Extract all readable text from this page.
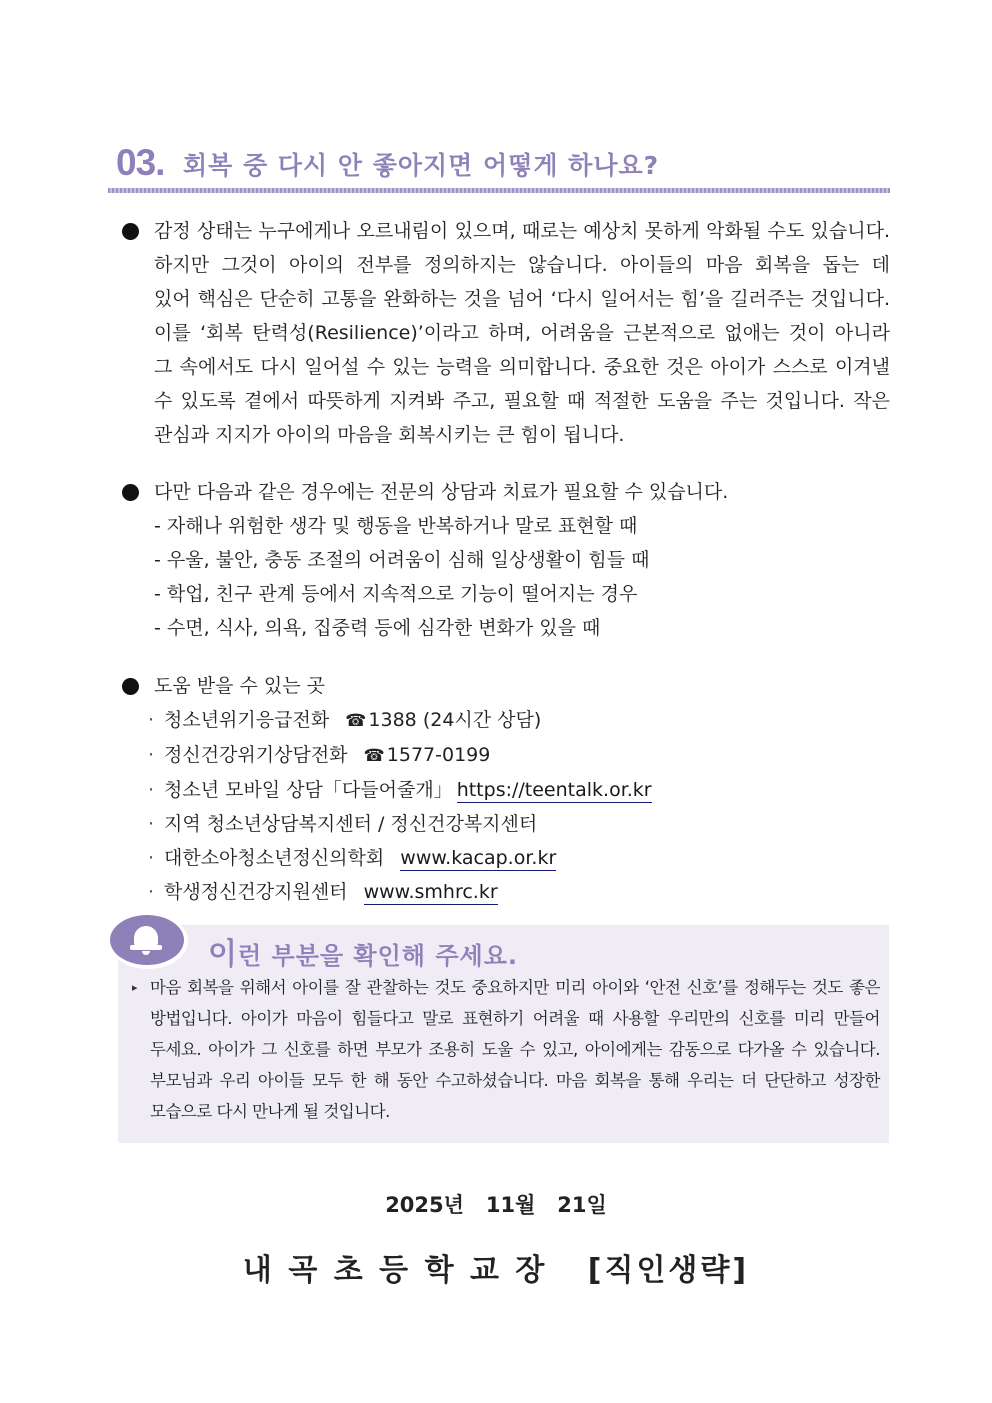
03. 회복 중 다시 안 좋아지면 어떻게 하나요?
감정 상태는 누구에게나 오르내림이 있으며, 때로는 예상치 못하게 악화될 수도 있습니다.
하지만 그것이 아이의 전부를 정의하지는 않습니다. 아이들의 마음 회복을 돕는 데
있어 핵심은 단순히 고통을 완화하는 것을 넘어 ‘다시 일어서는 힘’을 길러주는 것입니다.
이를 ‘회복 탄력성(Resilience)’이라고 하며, 어려움을 근본적으로 없애는 것이 아니라
그 속에서도 다시 일어설 수 있는 능력을 의미합니다. 중요한 것은 아이가 스스로 이겨낼
수 있도록 곁에서 따뜻하게 지켜봐 주고, 필요할 때 적절한 도움을 주는 것입니다. 작은
관심과 지지가 아이의 마음을 회복시키는 큰 힘이 됩니다.
다만 다음과 같은 경우에는 전문의 상담과 치료가 필요할 수 있습니다.
- 자해나 위험한 생각 및 행동을 반복하거나 말로 표현할 때
- 우울, 불안, 충동 조절의 어려움이 심해 일상생활이 힘들 때
- 학업, 친구 관계 등에서 지속적으로 기능이 떨어지는 경우
- 수면, 식사, 의욕, 집중력 등에 심각한 변화가 있을 때
도움 받을 수 있는 곳
· 청소년위기응급전화 ☎ 1388 (24시간 상담)
· 정신건강위기상담전화 ☎ 1577-0199
· 청소년 모바일 상담「다들어줄개」 https://teentalk.or.kr
· 지역 청소년상담복지센터 / 정신건강복지센터
· 대한소아청소년정신의학회 www.kacap.or.kr
· 학생정신건강지원센터 www.smhrc.kr
이런 부분을 확인해 주세요.
▸ 마음 회복을 위해서 아이를 잘 관찰하는 것도 중요하지만 미리 아이와 ‘안전 신호’를 정해두는 것도 좋은
방법입니다. 아이가 마음이 힘들다고 말로 표현하기 어려울 때 사용할 우리만의 신호를 미리 만들어
두세요. 아이가 그 신호를 하면 부모가 조용히 도울 수 있고, 아이에게는 감동으로 다가올 수 있습니다.
부모님과 우리 아이들 모두 한 해 동안 수고하셨습니다. 마음 회복을 통해 우리는 더 단단하고 성장한
모습으로 다시 만나게 될 것입니다.
2025년   11월   21일
내 곡 초 등 학 교 장   [직인생략]
